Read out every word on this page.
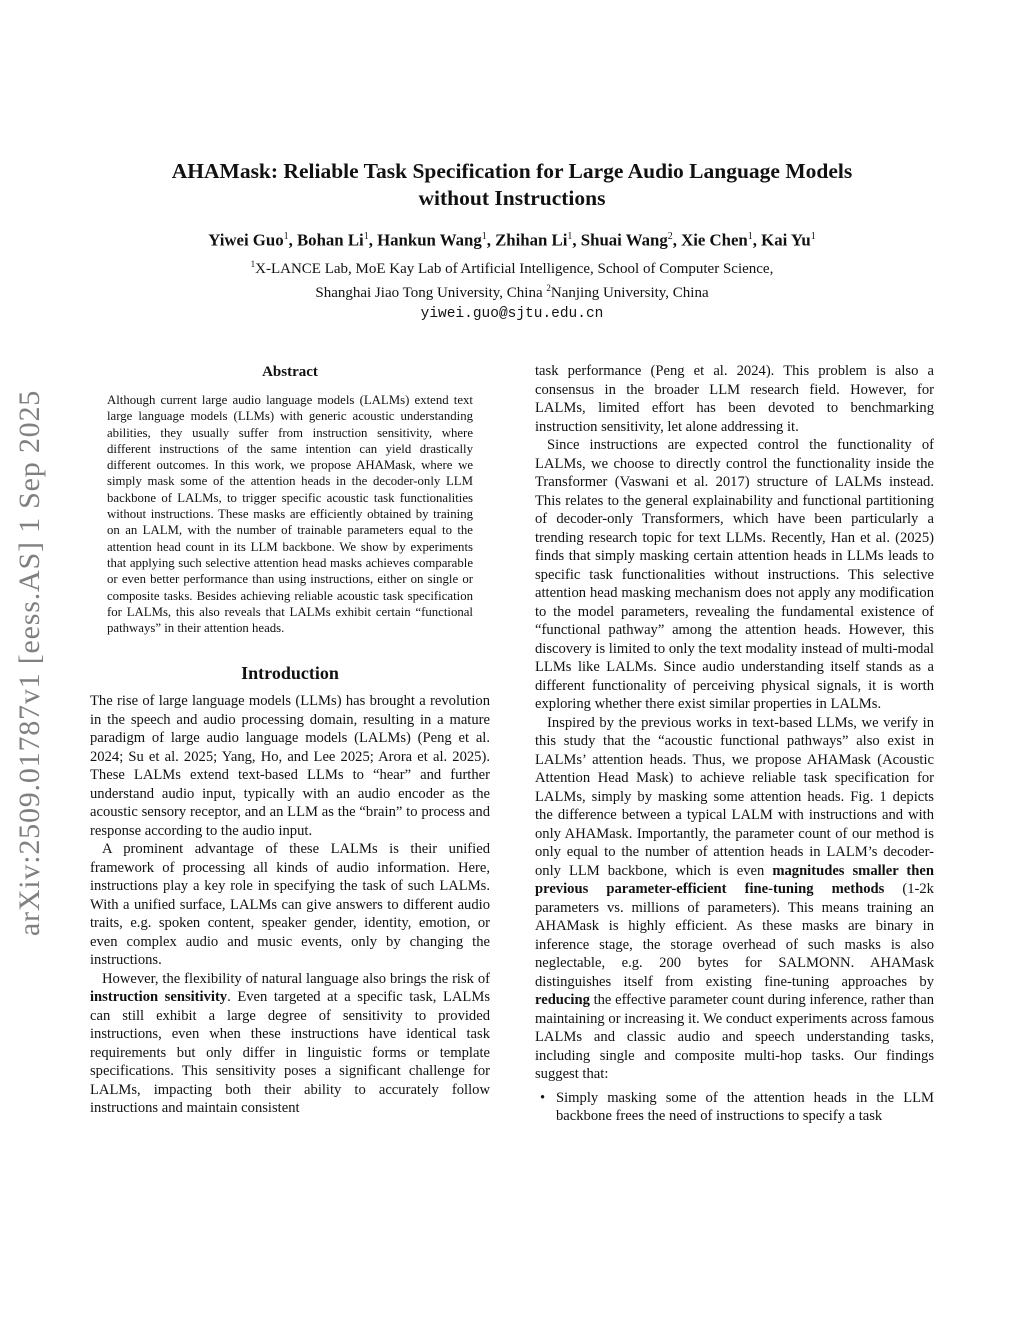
arXiv:2509.01787v1 [eess.AS] 1 Sep 2025
AHAMask: Reliable Task Specification for Large Audio Language Models
without Instructions
Yiwei Guo$^1$, Bohan Li$^1$, Hankun Wang$^1$, Zhihan Li$^1$, Shuai Wang$^2$, Xie Chen$^1$, Kai Yu$^1$
$^1$X-LANCE Lab, MoE Kay Lab of Artificial Intelligence, School of Computer Science,
Shanghai Jiao Tong University, China $^2$Nanjing University, China
yiwei.guo@sjtu.edu.cn
Abstract

Although current large audio language models (LALMs) extend text large language models (LLMs) with generic acoustic understanding abilities, they usually suffer from instruction sensitivity, where different instructions of the same intention can yield drastically different outcomes. In this work, we propose AHAMask, where we simply mask some of the attention heads in the decoder-only LLM backbone of LALMs, to trigger specific acoustic task functionalities without instructions. These masks are efficiently obtained by training on an LALM, with the number of trainable parameters equal to the attention head count in its LLM backbone. We show by experiments that applying such selective attention head masks achieves comparable or even better performance than using instructions, either on single or composite tasks. Besides achieving reliable acoustic task specification for LALMs, this also reveals that LALMs exhibit certain “functional pathways” in their attention heads.

Introduction

The rise of large language models (LLMs) has brought a revolution in the speech and audio processing domain, resulting in a mature paradigm of large audio language models (LALMs) (Peng et al. 2024; Su et al. 2025; Yang, Ho, and Lee 2025; Arora et al. 2025). These LALMs extend text-based LLMs to “hear” and further understand audio input, typically with an audio encoder as the acoustic sensory receptor, and an LLM as the “brain” to process and response according to the audio input.

A prominent advantage of these LALMs is their unified framework of processing all kinds of audio information. Here, instructions play a key role in specifying the task of such LALMs. With a unified surface, LALMs can give answers to different audio traits, e.g. spoken content, speaker gender, identity, emotion, or even complex audio and music events, only by changing the instructions.

However, the flexibility of natural language also brings the risk of instruction sensitivity. Even targeted at a specific task, LALMs can still exhibit a large degree of sensitivity to provided instructions, even when these instructions have identical task requirements but only differ in linguistic forms or template specifications. This sensitivity poses a significant challenge for LALMs, impacting both their ability to accurately follow instructions and maintain consistent

task performance (Peng et al. 2024). This problem is also a consensus in the broader LLM research field. However, for LALMs, limited effort has been devoted to benchmarking instruction sensitivity, let alone addressing it.

Since instructions are expected control the functionality of LALMs, we choose to directly control the functionality inside the Transformer (Vaswani et al. 2017) structure of LALMs instead. This relates to the general explainability and functional partitioning of decoder-only Transformers, which have been particularly a trending research topic for text LLMs. Recently, Han et al. (2025) finds that simply masking certain attention heads in LLMs leads to specific task functionalities without instructions. This selective attention head masking mechanism does not apply any modification to the model parameters, revealing the fundamental existence of “functional pathway” among the attention heads. However, this discovery is limited to only the text modality instead of multi-modal LLMs like LALMs. Since audio understanding itself stands as a different functionality of perceiving physical signals, it is worth exploring whether there exist similar properties in LALMs.

Inspired by the previous works in text-based LLMs, we verify in this study that the “acoustic functional pathways” also exist in LALMs’ attention heads. Thus, we propose AHAMask (Acoustic Attention Head Mask) to achieve reliable task specification for LALMs, simply by masking some attention heads. Fig. 1 depicts the difference between a typical LALM with instructions and with only AHAMask. Importantly, the parameter count of our method is only equal to the number of attention heads in LALM’s decoder-only LLM backbone, which is even magnitudes smaller then previous parameter-efficient fine-tuning methods (1-2k parameters vs. millions of parameters). This means training an AHAMask is highly efficient. As these masks are binary in inference stage, the storage overhead of such masks is also neglectable, e.g. 200 bytes for SALMONN. AHAMask distinguishes itself from existing fine-tuning approaches by reducing the effective parameter count during inference, rather than maintaining or increasing it. We conduct experiments across famous LALMs and classic audio and speech understanding tasks, including single and composite multi-hop tasks. Our findings suggest that:

• Simply masking some of the attention heads in the LLM backbone frees the need of instructions to specify a task
